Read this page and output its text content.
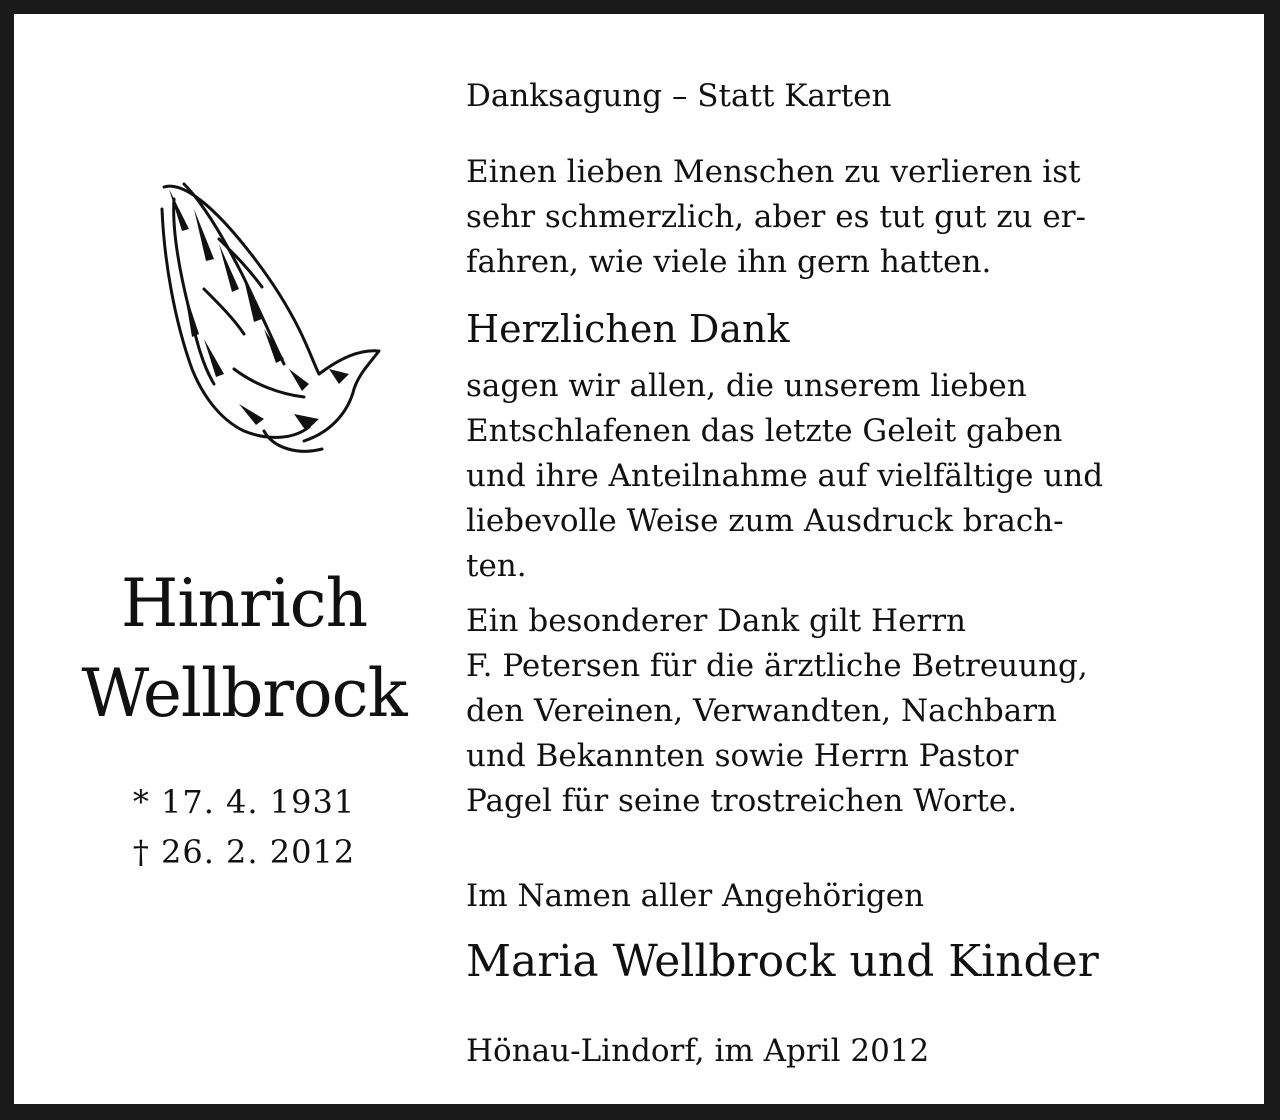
Hinrich
Wellbrock
* 17. 4. 1931
† 26. 2. 2012
Danksagung – Statt Karten
Einen lieben Menschen zu verlieren ist
sehr schmerzlich, aber es tut gut zu er-
fahren, wie viele ihn gern hatten.
Herzlichen Dank
sagen wir allen, die unserem lieben
Entschlafenen das letzte Geleit gaben
und ihre Anteilnahme auf vielfältige und
liebevolle Weise zum Ausdruck brach-
ten.
Ein besonderer Dank gilt Herrn
F. Petersen für die ärztliche Betreuung,
den Vereinen, Verwandten, Nachbarn
und Bekannten sowie Herrn Pastor
Pagel für seine trostreichen Worte.
Im Namen aller Angehörigen
Maria Wellbrock und Kinder
Hönau-Lindorf, im April 2012
